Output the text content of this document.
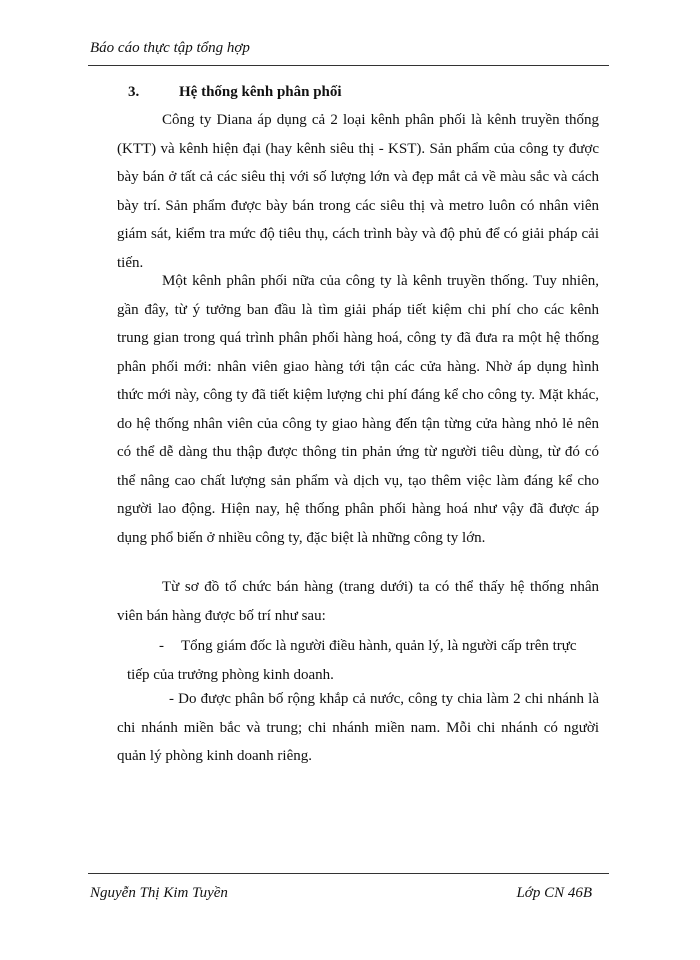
Báo cáo thực tập tổng hợp
3.	Hệ thống kênh phân phối

Công ty Diana áp dụng cả 2 loại kênh phân phối là kênh truyền thống (KTT) và kênh hiện đại (hay kênh siêu thị - KST). Sản phẩm của công ty được bày bán ở tất cả các siêu thị với số lượng lớn và đẹp mắt cả về màu sắc và cách bày trí. Sản phẩm được bày bán trong các siêu thị và metro luôn có nhân viên giám sát, kiểm tra mức độ tiêu thụ, cách trình bày và độ phủ để có giải pháp cải tiến.

Một kênh phân phối nữa của công ty là kênh truyền thống. Tuy nhiên, gần đây, từ ý tưởng ban đầu là tìm giải pháp tiết kiệm chi phí cho các kênh trung gian trong quá trình phân phối hàng hoá, công ty đã đưa ra một hệ thống phân phối mới: nhân viên giao hàng tới tận các cửa hàng. Nhờ áp dụng hình thức mới này, công ty đã tiết kiệm lượng chi phí đáng kể cho công ty. Mặt khác, do hệ thống nhân viên của công ty giao hàng đến tận từng cửa hàng nhỏ lẻ nên có thể dễ dàng thu thập được thông tin phản ứng từ người tiêu dùng, từ đó có thể nâng cao chất lượng sản phẩm và dịch vụ, tạo thêm việc làm đáng kể cho người lao động. Hiện nay, hệ thống phân phối hàng hoá như vậy đã được áp dụng phổ biến ở nhiều công ty, đặc biệt là những công ty lớn.

Từ sơ đồ tổ chức bán hàng (trang dưới) ta có thể thấy hệ thống nhân viên bán hàng được bố trí như sau:

-	Tổng giám đốc là người điều hành, quản lý, là người cấp trên trực
tiếp của trưởng phòng kinh doanh.

- Do được phân bố rộng khắp cả nước, công ty chia làm 2 chi nhánh là chi nhánh miền bắc và trung; chi nhánh miền nam. Mỗi chi nhánh có người quản lý phòng kinh doanh riêng.

Nguyễn Thị Kim Tuyền	Lớp CN 46B
